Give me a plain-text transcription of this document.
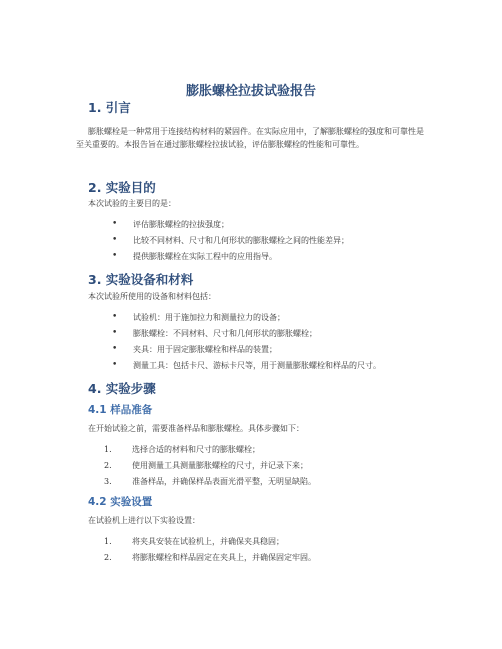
膨胀螺栓拉拔试验报告
1. 引言
膨胀螺栓是一种常用于连接结构材料的紧固件。在实际应用中，了解膨胀螺栓的强度和可靠性是至关重要的。本报告旨在通过膨胀螺栓拉拔试验，评估膨胀螺栓的性能和可靠性。
2. 实验目的
本次试验的主要目的是：
•	评估膨胀螺栓的拉拔强度；
•	比较不同材料、尺寸和几何形状的膨胀螺栓之间的性能差异；
•	提供膨胀螺栓在实际工程中的应用指导。
3. 实验设备和材料
本次试验所使用的设备和材料包括：
•	试验机：用于施加拉力和测量拉力的设备；
•	膨胀螺栓：不同材料、尺寸和几何形状的膨胀螺栓；
•	夹具：用于固定膨胀螺栓和样品的装置；
•	测量工具：包括卡尺、游标卡尺等，用于测量膨胀螺栓和样品的尺寸。
4. 实验步骤
4.1 样品准备
在开始试验之前，需要准备样品和膨胀螺栓。具体步骤如下：
1.	选择合适的材料和尺寸的膨胀螺栓；
2.	使用测量工具测量膨胀螺栓的尺寸，并记录下来；
3.	准备样品，并确保样品表面光滑平整，无明显缺陷。
4.2 实验设置
在试验机上进行以下实验设置：
1.	将夹具安装在试验机上，并确保夹具稳固；
2.	将膨胀螺栓和样品固定在夹具上，并确保固定牢固。
